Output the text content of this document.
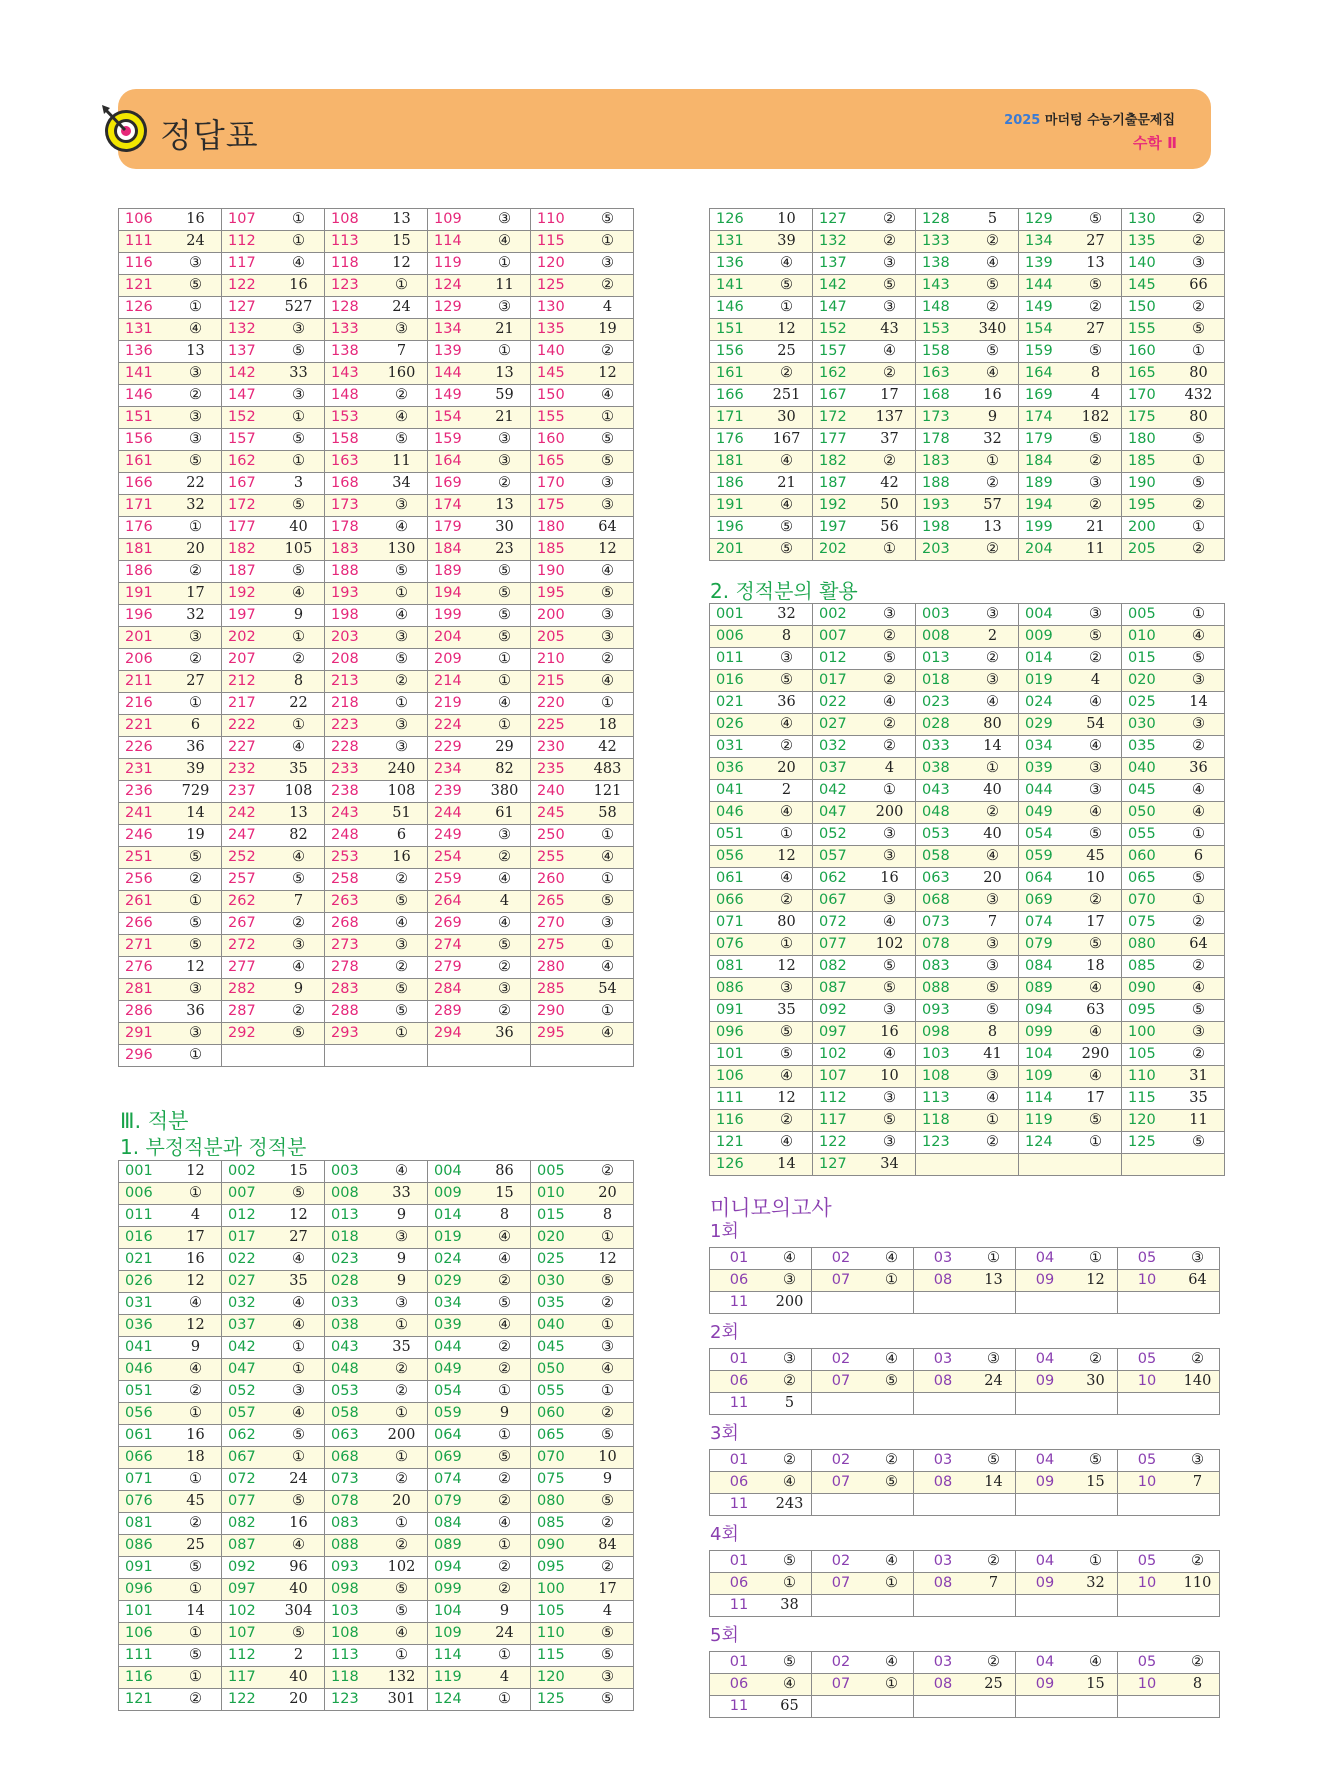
정답표	2025 마더텅 수능기출문제집
수학 Ⅱ
106	16	107	①	108	13	109	③	110	⑤
111	24	112	①	113	15	114	④	115	①
116	③	117	④	118	12	119	①	120	③
121	⑤	122	16	123	①	124	11	125	②
126	①	127	527	128	24	129	③	130	4
131	④	132	③	133	③	134	21	135	19
136	13	137	⑤	138	7	139	①	140	②
141	③	142	33	143	160	144	13	145	12
146	②	147	③	148	②	149	59	150	④
151	③	152	①	153	④	154	21	155	①
156	③	157	⑤	158	⑤	159	③	160	⑤
161	⑤	162	①	163	11	164	③	165	⑤
166	22	167	3	168	34	169	②	170	③
171	32	172	⑤	173	③	174	13	175	③
176	①	177	40	178	④	179	30	180	64
181	20	182	105	183	130	184	23	185	12
186	②	187	⑤	188	⑤	189	⑤	190	④
191	17	192	④	193	①	194	⑤	195	⑤
196	32	197	9	198	④	199	⑤	200	③
201	③	202	①	203	③	204	⑤	205	③
206	②	207	②	208	⑤	209	①	210	②
211	27	212	8	213	②	214	①	215	④
216	①	217	22	218	①	219	④	220	①
221	6	222	①	223	③	224	①	225	18
226	36	227	④	228	③	229	29	230	42
231	39	232	35	233	240	234	82	235	483
236	729	237	108	238	108	239	380	240	121
241	14	242	13	243	51	244	61	245	58
246	19	247	82	248	6	249	③	250	①
251	⑤	252	④	253	16	254	②	255	④
256	②	257	⑤	258	②	259	④	260	①
261	①	262	7	263	⑤	264	4	265	⑤
266	⑤	267	②	268	④	269	④	270	③
271	⑤	272	③	273	③	274	⑤	275	①
276	12	277	④	278	②	279	②	280	④
281	③	282	9	283	⑤	284	③	285	54
286	36	287	②	288	⑤	289	②	290	①
291	③	292	⑤	293	①	294	36	295	④
296	①								
Ⅲ. 적분
1. 부정적분과 정적분
001	12	002	15	003	④	004	86	005	②
006	①	007	⑤	008	33	009	15	010	20
011	4	012	12	013	9	014	8	015	8
016	17	017	27	018	③	019	④	020	①
021	16	022	④	023	9	024	④	025	12
026	12	027	35	028	9	029	②	030	⑤
031	④	032	④	033	③	034	⑤	035	②
036	12	037	④	038	①	039	④	040	①
041	9	042	①	043	35	044	②	045	③
046	④	047	①	048	②	049	②	050	④
051	②	052	③	053	②	054	①	055	①
056	①	057	④	058	①	059	9	060	②
061	16	062	⑤	063	200	064	①	065	⑤
066	18	067	①	068	①	069	⑤	070	10
071	①	072	24	073	②	074	②	075	9
076	45	077	⑤	078	20	079	②	080	⑤
081	②	082	16	083	①	084	④	085	②
086	25	087	④	088	②	089	①	090	84
091	⑤	092	96	093	102	094	②	095	②
096	①	097	40	098	⑤	099	②	100	17
101	14	102	304	103	⑤	104	9	105	4
106	①	107	⑤	108	④	109	24	110	⑤
111	⑤	112	2	113	①	114	①	115	⑤
116	①	117	40	118	132	119	4	120	③
121	②	122	20	123	301	124	①	125	⑤
126	10	127	②	128	5	129	⑤	130	②
131	39	132	②	133	②	134	27	135	②
136	④	137	③	138	④	139	13	140	③
141	⑤	142	⑤	143	⑤	144	⑤	145	66
146	①	147	③	148	②	149	②	150	②
151	12	152	43	153	340	154	27	155	⑤
156	25	157	④	158	⑤	159	⑤	160	①
161	②	162	②	163	④	164	8	165	80
166	251	167	17	168	16	169	4	170	432
171	30	172	137	173	9	174	182	175	80
176	167	177	37	178	32	179	⑤	180	⑤
181	④	182	②	183	①	184	②	185	①
186	21	187	42	188	②	189	③	190	⑤
191	④	192	50	193	57	194	②	195	②
196	⑤	197	56	198	13	199	21	200	①
201	⑤	202	①	203	②	204	11	205	②
2. 정적분의 활용
001	32	002	③	003	③	004	③	005	①
006	8	007	②	008	2	009	⑤	010	④
011	③	012	⑤	013	②	014	②	015	⑤
016	⑤	017	②	018	③	019	4	020	③
021	36	022	④	023	④	024	④	025	14
026	④	027	②	028	80	029	54	030	③
031	②	032	②	033	14	034	④	035	②
036	20	037	4	038	①	039	③	040	36
041	2	042	①	043	40	044	③	045	④
046	④	047	200	048	②	049	④	050	④
051	①	052	③	053	40	054	⑤	055	①
056	12	057	③	058	④	059	45	060	6
061	④	062	16	063	20	064	10	065	⑤
066	②	067	③	068	③	069	②	070	①
071	80	072	④	073	7	074	17	075	②
076	①	077	102	078	③	079	⑤	080	64
081	12	082	⑤	083	③	084	18	085	②
086	③	087	⑤	088	⑤	089	④	090	④
091	35	092	③	093	⑤	094	63	095	⑤
096	⑤	097	16	098	8	099	④	100	③
101	⑤	102	④	103	41	104	290	105	②
106	④	107	10	108	③	109	④	110	31
111	12	112	③	113	④	114	17	115	35
116	②	117	⑤	118	①	119	⑤	120	11
121	④	122	③	123	②	124	①	125	⑤
126	14	127	34						
미니모의고사
1회
01	④	02	④	03	①	04	①	05	③
06	③	07	①	08	13	09	12	10	64
11	200								
2회
01	③	02	④	03	③	04	②	05	②
06	②	07	⑤	08	24	09	30	10	140
11	5								
3회
01	②	02	②	03	⑤	04	⑤	05	③
06	④	07	⑤	08	14	09	15	10	7
11	243								
4회
01	⑤	02	④	03	②	04	①	05	②
06	①	07	①	08	7	09	32	10	110
11	38								
5회
01	⑤	02	④	03	②	04	④	05	②
06	④	07	①	08	25	09	15	10	8
11	65								
